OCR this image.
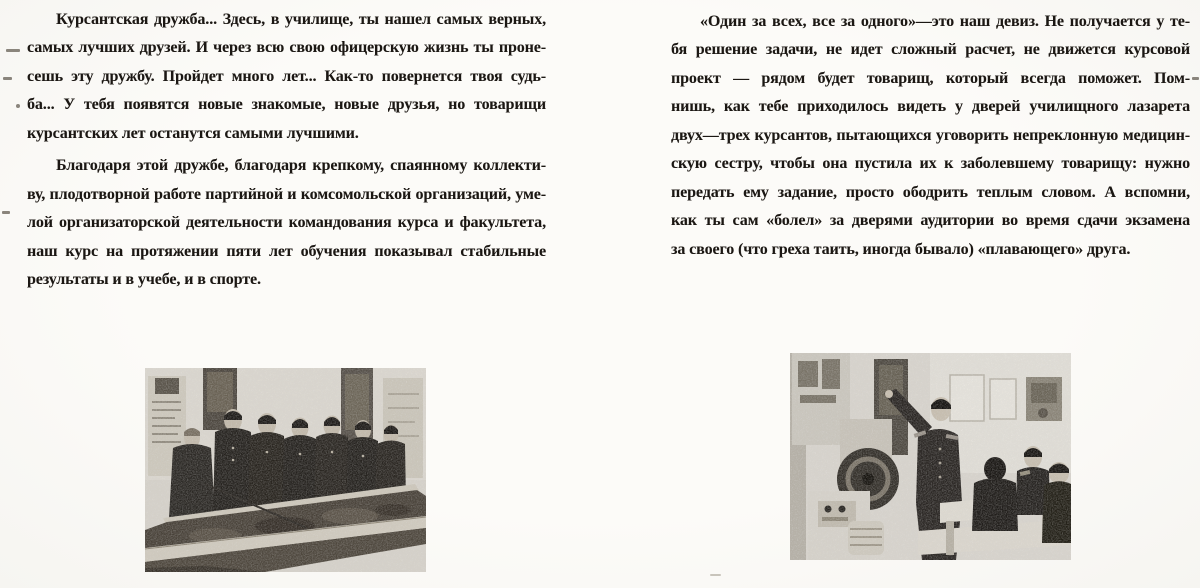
Курсантская дружба... Здесь, в училище, ты нашел самых верных,
самых лучших друзей. И через всю свою офицерскую жизнь ты проне-
сешь эту дружбу. Пройдет много лет... Как-то повернется твоя судь-
ба... У тебя появятся новые знакомые, новые друзья, но товарищи
курсантских лет останутся самыми лучшими.
Благодаря этой дружбе, благодаря крепкому, спаянному коллекти-
ву, плодотворной работе партийной и комсомольской организаций, уме-
лой организаторской деятельности командования курса и факультета,
наш курс на протяжении пяти лет обучения показывал стабильные
результаты и в учебе, и в спорте.
«Один за всех, все за одного»—это наш девиз. Не получается у те-
бя решение задачи, не идет сложный расчет, не движется курсовой
проект — рядом будет товарищ, который всегда поможет. Пом-
нишь, как тебе приходилось видеть у дверей училищного лазарета
двух—трех курсантов, пытающихся уговорить непреклонную медицин-
скую сестру, чтобы она пустила их к заболевшему товарищу: нужно
передать ему задание, просто ободрить теплым словом. А вспомни,
как ты сам «болел» за дверями аудитории во время сдачи экзамена
за своего (что греха таить, иногда бывало) «плавающего» друга.
